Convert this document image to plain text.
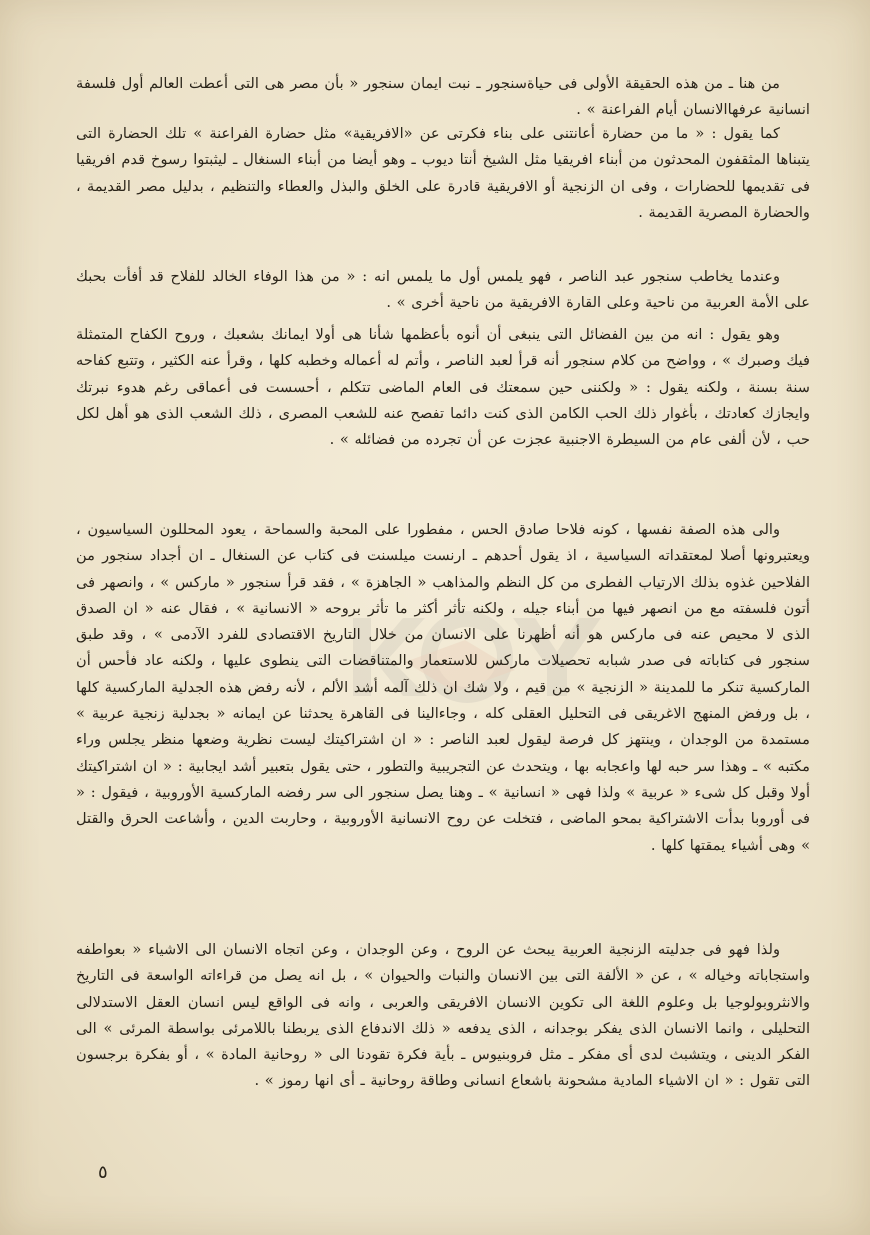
من هنا ـ من هذه الحقيقة الأولى فى حياةسنجور ـ نبت ايمان سنجور « بأن مصر هى التى أعطت العالم أول فلسفة انسانية عرفهاالانسان أيام الفراعنة » .

كما يقول : « ما من حضارة أعانتنى على بناء فكرتى عن «الافريقية» مثل حضارة الفراعنة » تلك الحضارة التى يتبناها المثقفون المحدثون من أبناء افريقيا مثل الشيخ أنتا ديوب ـ وهو أيضا من أبناء السنغال ـ ليثبتوا رسوخ قدم افريقيا فى تقديمها للحضارات ، وفى ان الزنجية أو الافريقية قادرة على الخلق والبذل والعطاء والتنظيم ، بدليل مصر القديمة ، والحضارة المصرية القديمة .

وعندما يخاطب سنجور عبد الناصر ، فهو يلمس أول ما يلمس انه : « من هذا الوفاء الخالد للفلاح قد أفأت بحبك على الأمة العربية من ناحية وعلى القارة الافريقية من ناحية أخرى » .

وهو يقول : انه من بين الفضائل التى ينبغى أن أنوه بأعظمها شأنا هى أولا ايمانك بشعبك ، وروح الكفاح المتمثلة فيك وصبرك » ، وواضح من كلام سنجور أنه قرأ لعبد الناصر ، وأتم له أعماله وخطبه كلها ، وقرأ عنه الكثير ، وتتبع كفاحه سنة بسنة ، ولكنه يقول : « ولكننى حين سمعتك فى العام الماضى تتكلم ، أحسست فى أعماقى رغم هدوء نبرتك وايجازك كعادتك ، بأغوار ذلك الحب الكامن الذى كنت دائما تفصح عنه للشعب المصرى ، ذلك الشعب الذى هو أهل لكل حب ، لأن ألفى عام من السيطرة الاجنبية عجزت عن أن تجرده من فضائله » .

والى هذه الصفة نفسها ، كونه فلاحا صادق الحس ، مفطورا على المحبة والسماحة ، يعود المحللون السياسيون ، ويعتبرونها أصلا لمعتقداته السياسية ، اذ يقول أحدهم ـ ارنست ميلسنت فى كتاب عن السنغال ـ ان أجداد سنجور من الفلاحين غذوه بذلك الارتياب الفطرى من كل النظم والمذاهب « الجاهزة » ، فقد قرأ سنجور « ماركس » ، وانصهر فى أتون فلسفته مع من انصهر فيها من أبناء جيله ، ولكنه تأثر أكثر ما تأثر بروحه « الانسانية » ، فقال عنه « ان الصدق الذى لا محيص عنه فى ماركس هو أنه أظهرنا على الانسان من خلال التاريخ الاقتصادى للفرد الآدمى » ، وقد طبق سنجور فى كتاباته فى صدر شبابه تحصيلات ماركس للاستعمار والمتناقضات التى ينطوى عليها ، ولكنه عاد فأحس أن الماركسية تنكر ما للمدينة « الزنجية » من قيم ، ولا شك ان ذلك آلمه أشد الألم ، لأنه رفض هذه الجدلية الماركسية كلها ، بل ورفض المنهج الاغريقى فى التحليل العقلى كله ، وجاءالينا فى القاهرة يحدثنا عن ايمانه « بجدلية زنجية عربية » مستمدة من الوجدان ، وينتهز كل فرصة ليقول لعبد الناصر : « ان اشتراكيتك ليست نظرية وضعها منظر يجلس وراء مكتبه » ـ وهذا سر حبه لها واعجابه بها ، ويتحدث عن التجريبية والتطور ، حتى يقول بتعبير أشد ايجابية : « ان اشتراكيتك أولا وقبل كل شىء « عربية » ولذا فهى « انسانية » ـ وهنا يصل سنجور الى سر رفضه الماركسية الأوروبية ، فيقول : « فى أوروبا بدأت الاشتراكية بمحو الماضى ، فتخلت عن روح الانسانية الأوروبية ، وحاربت الدين ، وأشاعت الحرق والقتل » وهى أشياء يمقتها كلها .

ولذا فهو فى جدليته الزنجية العربية يبحث عن الروح ، وعن الوجدان ، وعن اتجاه الانسان الى الاشياء « بعواطفه واستجاباته وخياله » ، عن « الألفة التى بين الانسان والنبات والحيوان » ، بل انه يصل من قراءاته الواسعة فى التاريخ والانثروبولوجيا بل وعلوم اللغة الى تكوين الانسان الافريقى والعربى ، وانه فى الواقع ليس انسان العقل الاستدلالى التحليلى ، وانما الانسان الذى يفكر بوجدانه ، الذى يدفعه « ذلك الاندفاع الذى يربطنا باللامرئى بواسطة المرئى » الى الفكر الدينى ، ويتشبث لدى أى مفكر ـ مثل فروبنيوس ـ بأية فكرة تقودنا الى « روحانية المادة » ، أو بفكرة برجسون التى تقول : « ان الاشياء المادية مشحونة باشعاع انسانى وطاقة روحانية ـ أى انها رموز » .

٥
